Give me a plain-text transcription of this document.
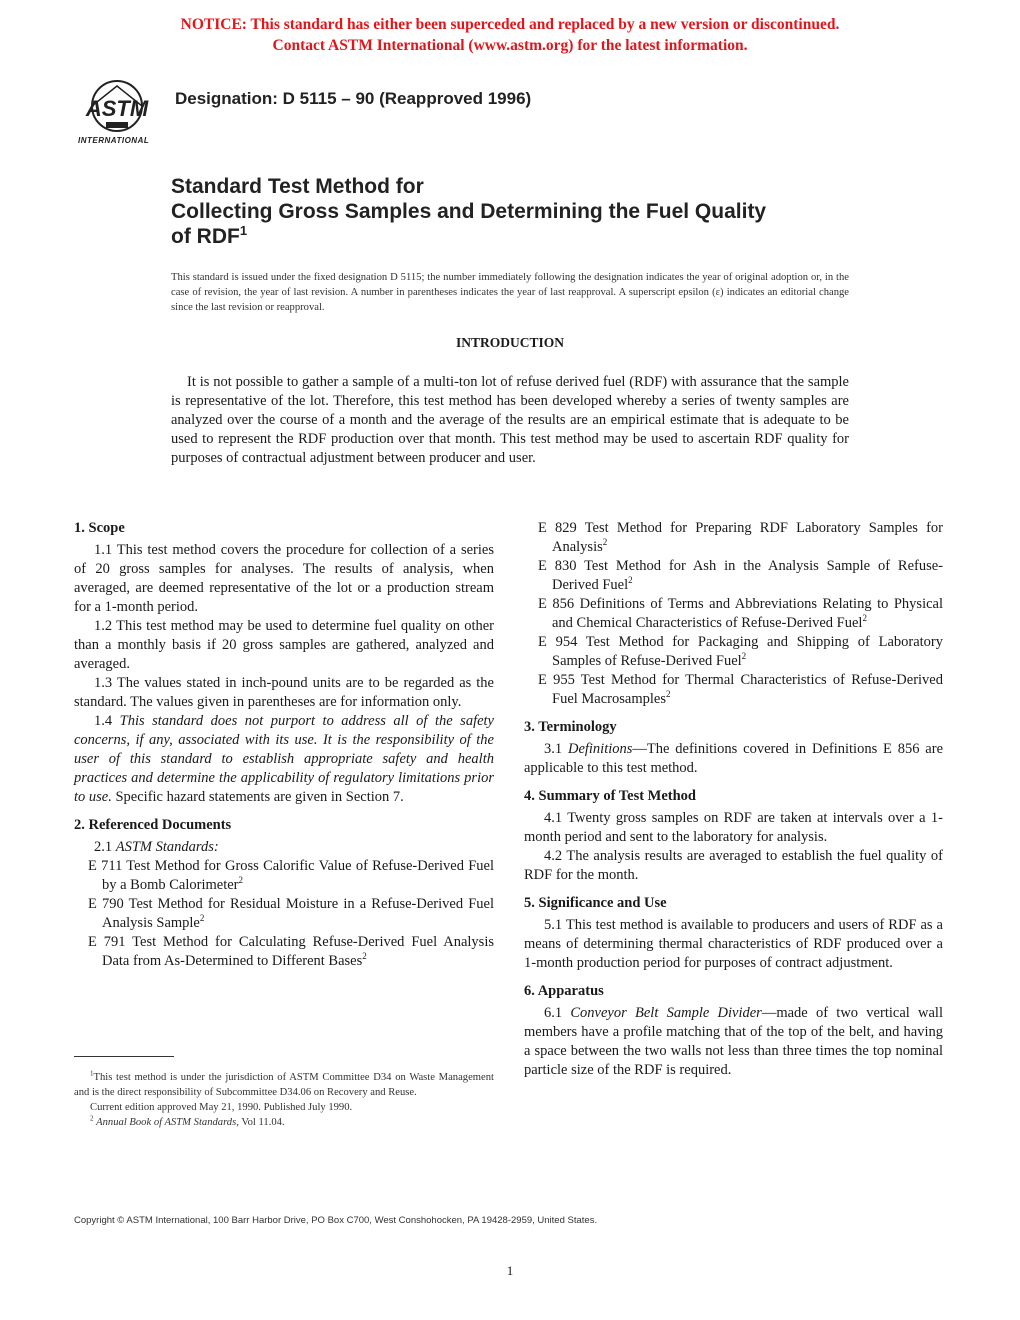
NOTICE: This standard has either been superceded and replaced by a new version or discontinued.
Contact ASTM International (www.astm.org) for the latest information.
ASTM
INTERNATIONAL
Designation: D 5115 – 90 (Reapproved 1996)
Standard Test Method for
Collecting Gross Samples and Determining the Fuel Quality
of RDF$^1$
This standard is issued under the fixed designation D 5115; the number immediately following the designation indicates the year of original adoption or, in the case of revision, the year of last revision. A number in parentheses indicates the year of last reapproval. A superscript epsilon (ε) indicates an editorial change since the last revision or reapproval.
INTRODUCTION
It is not possible to gather a sample of a multi-ton lot of refuse derived fuel (RDF) with assurance that the sample is representative of the lot. Therefore, this test method has been developed whereby a series of twenty samples are analyzed over the course of a month and the average of the results are an empirical estimate that is adequate to be used to represent the RDF production over that month. This test method may be used to ascertain RDF quality for purposes of contractual adjustment between producer and user.
1. Scope

1.1 This test method covers the procedure for collection of a series of 20 gross samples for analyses. The results of analysis, when averaged, are deemed representative of the lot or a production stream for a 1-month period.

1.2 This test method may be used to determine fuel quality on other than a monthly basis if 20 gross samples are gathered, analyzed and averaged.

1.3 The values stated in inch-pound units are to be regarded as the standard. The values given in parentheses are for information only.

1.4 This standard does not purport to address all of the safety concerns, if any, associated with its use. It is the responsibility of the user of this standard to establish appropriate safety and health practices and determine the applicability of regulatory limitations prior to use. Specific hazard statements are given in Section 7.

2. Referenced Documents

2.1 ASTM Standards:

E 711 Test Method for Gross Calorific Value of Refuse-Derived Fuel by a Bomb Calorimeter$^2$

E 790 Test Method for Residual Moisture in a Refuse-Derived Fuel Analysis Sample$^2$

E 791 Test Method for Calculating Refuse-Derived Fuel Analysis Data from As-Determined to Different Bases$^2$

$^1$This test method is under the jurisdiction of ASTM Committee D34 on Waste Management and is the direct responsibility of Subcommittee D34.06 on Recovery and Reuse.

Current edition approved May 21, 1990. Published July 1990.

$^2$ Annual Book of ASTM Standards, Vol 11.04.

E 829 Test Method for Preparing RDF Laboratory Samples for Analysis$^2$

E 830 Test Method for Ash in the Analysis Sample of Refuse-Derived Fuel$^2$

E 856 Definitions of Terms and Abbreviations Relating to Physical and Chemical Characteristics of Refuse-Derived Fuel$^2$

E 954 Test Method for Packaging and Shipping of Laboratory Samples of Refuse-Derived Fuel$^2$

E 955 Test Method for Thermal Characteristics of Refuse-Derived Fuel Macrosamples$^2$

3. Terminology

3.1 Definitions—The definitions covered in Definitions E 856 are applicable to this test method.

4. Summary of Test Method

4.1 Twenty gross samples on RDF are taken at intervals over a 1-month period and sent to the laboratory for analysis.

4.2 The analysis results are averaged to establish the fuel quality of RDF for the month.

5. Significance and Use

5.1 This test method is available to producers and users of RDF as a means of determining thermal characteristics of RDF produced over a 1-month production period for purposes of contract adjustment.

6. Apparatus

6.1 Conveyor Belt Sample Divider—made of two vertical wall members have a profile matching that of the top of the belt, and having a space between the two walls not less than three times the top nominal particle size of the RDF is required.

Copyright © ASTM International, 100 Barr Harbor Drive, PO Box C700, West Conshohocken, PA 19428-2959, United States.
1
